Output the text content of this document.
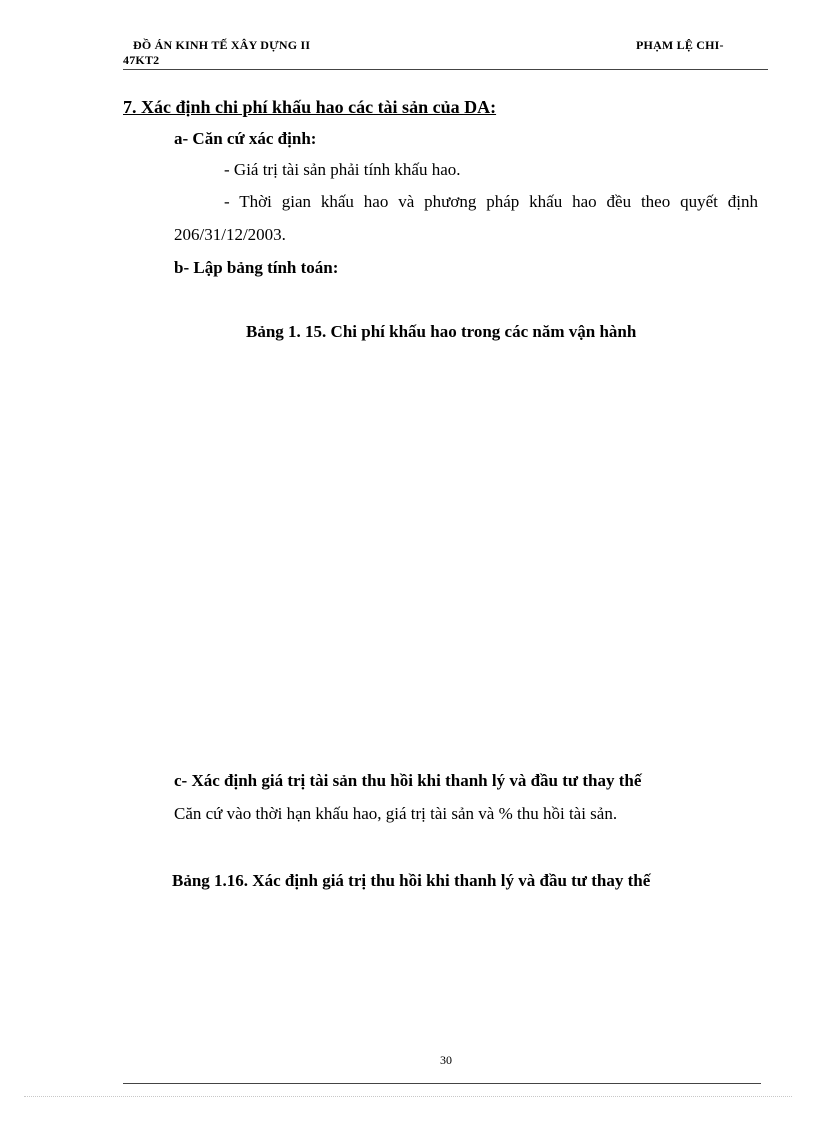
ĐỒ ÁN KINH TẾ XÂY DỰNG II	PHẠM LỆ CHI-
47KT2
7. Xác định chi phí khấu hao các tài sản của DA:
a- Căn cứ xác định:
- Giá trị tài sản phải tính khấu hao.
- Thời gian khấu hao và phương pháp khấu hao đều theo quyết định
206/31/12/2003.
b- Lập bảng tính toán:
Bảng 1. 15. Chi phí khấu hao trong các năm vận hành
c- Xác định giá trị tài sản thu hồi khi thanh lý và đầu tư thay thế
Căn cứ vào thời hạn khấu hao, giá trị tài sản và % thu hồi tài sản.
Bảng 1.16. Xác định giá trị thu hồi khi thanh lý và đầu tư thay thế
30
